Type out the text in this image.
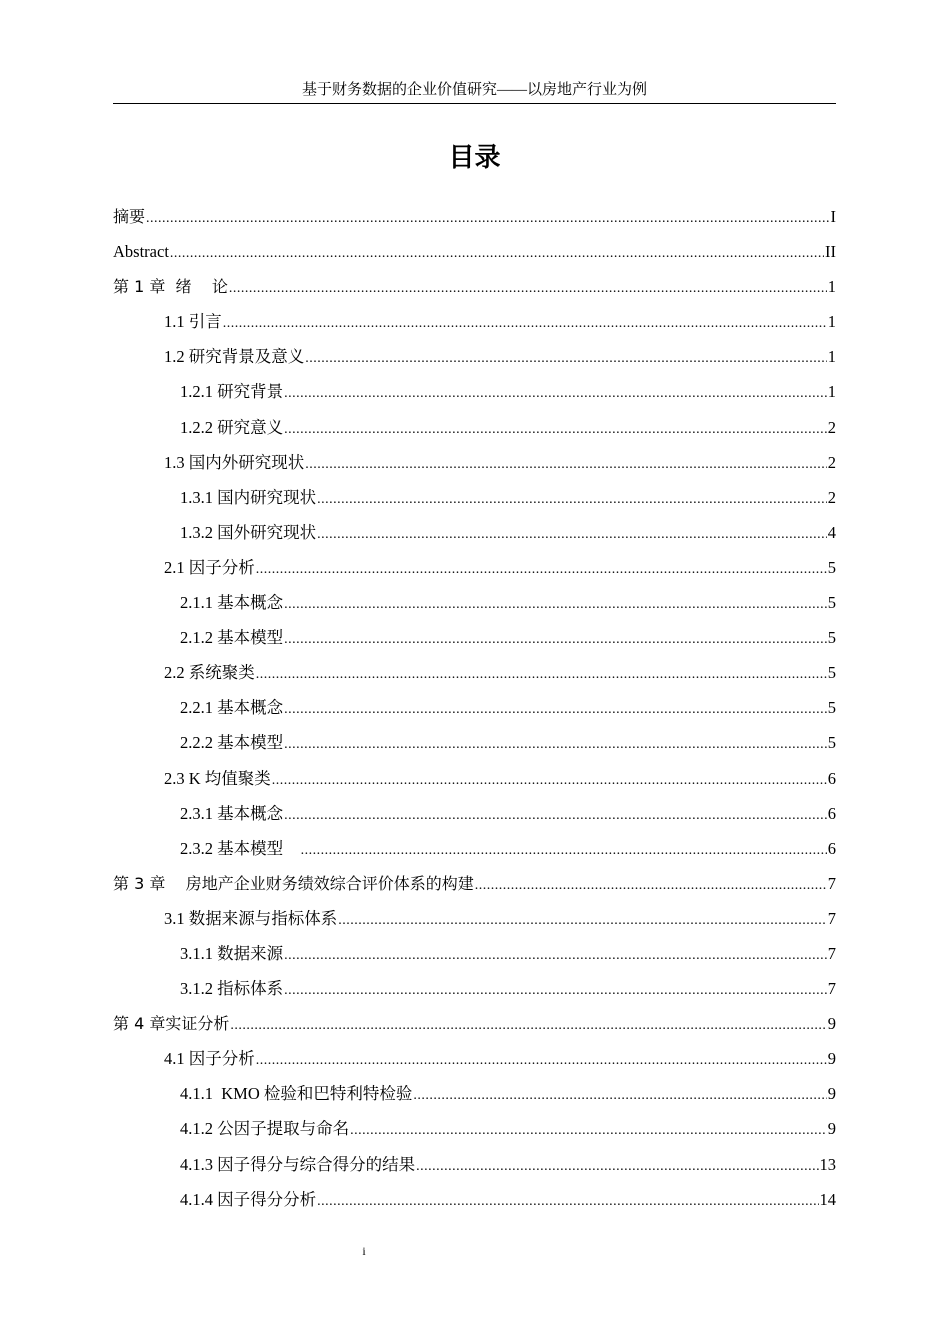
基于财务数据的企业价值研究——以房地产行业为例
目录
摘要 .....	I
Abstract .....	II
第 1 章  绪    论 .....	1
1.1 引言 .....	1
1.2 研究背景及意义 .....	1
1.2.1 研究背景 .....	1
1.2.2 研究意义 .....	2
1.3 国内外研究现状 .....	2
1.3.1 国内研究现状 .....	2
1.3.2 国外研究现状 .....	4
2.1 因子分析 .....	5
2.1.1 基本概念 .....	5
2.1.2 基本模型 .....	5
2.2 系统聚类 .....	5
2.2.1 基本概念 .....	5
2.2.2 基本模型 .....	5
2.3 K 均值聚类 .....	6
2.3.1 基本概念 .....	6
2.3.2 基本模型 .....	6
第 3 章    房地产企业财务绩效综合评价体系的构建 .....	7
3.1 数据来源与指标体系 .....	7
3.1.1 数据来源 .....	7
3.1.2 指标体系 .....	7
第 4 章实证分析 .....	9
4.1 因子分析 .....	9
4.1.1  KMO 检验和巴特利特检验 .....	9
4.1.2 公因子提取与命名 .....	9
4.1.3 因子得分与综合得分的结果 .....	13
4.1.4 因子得分分析 .....	14
i
